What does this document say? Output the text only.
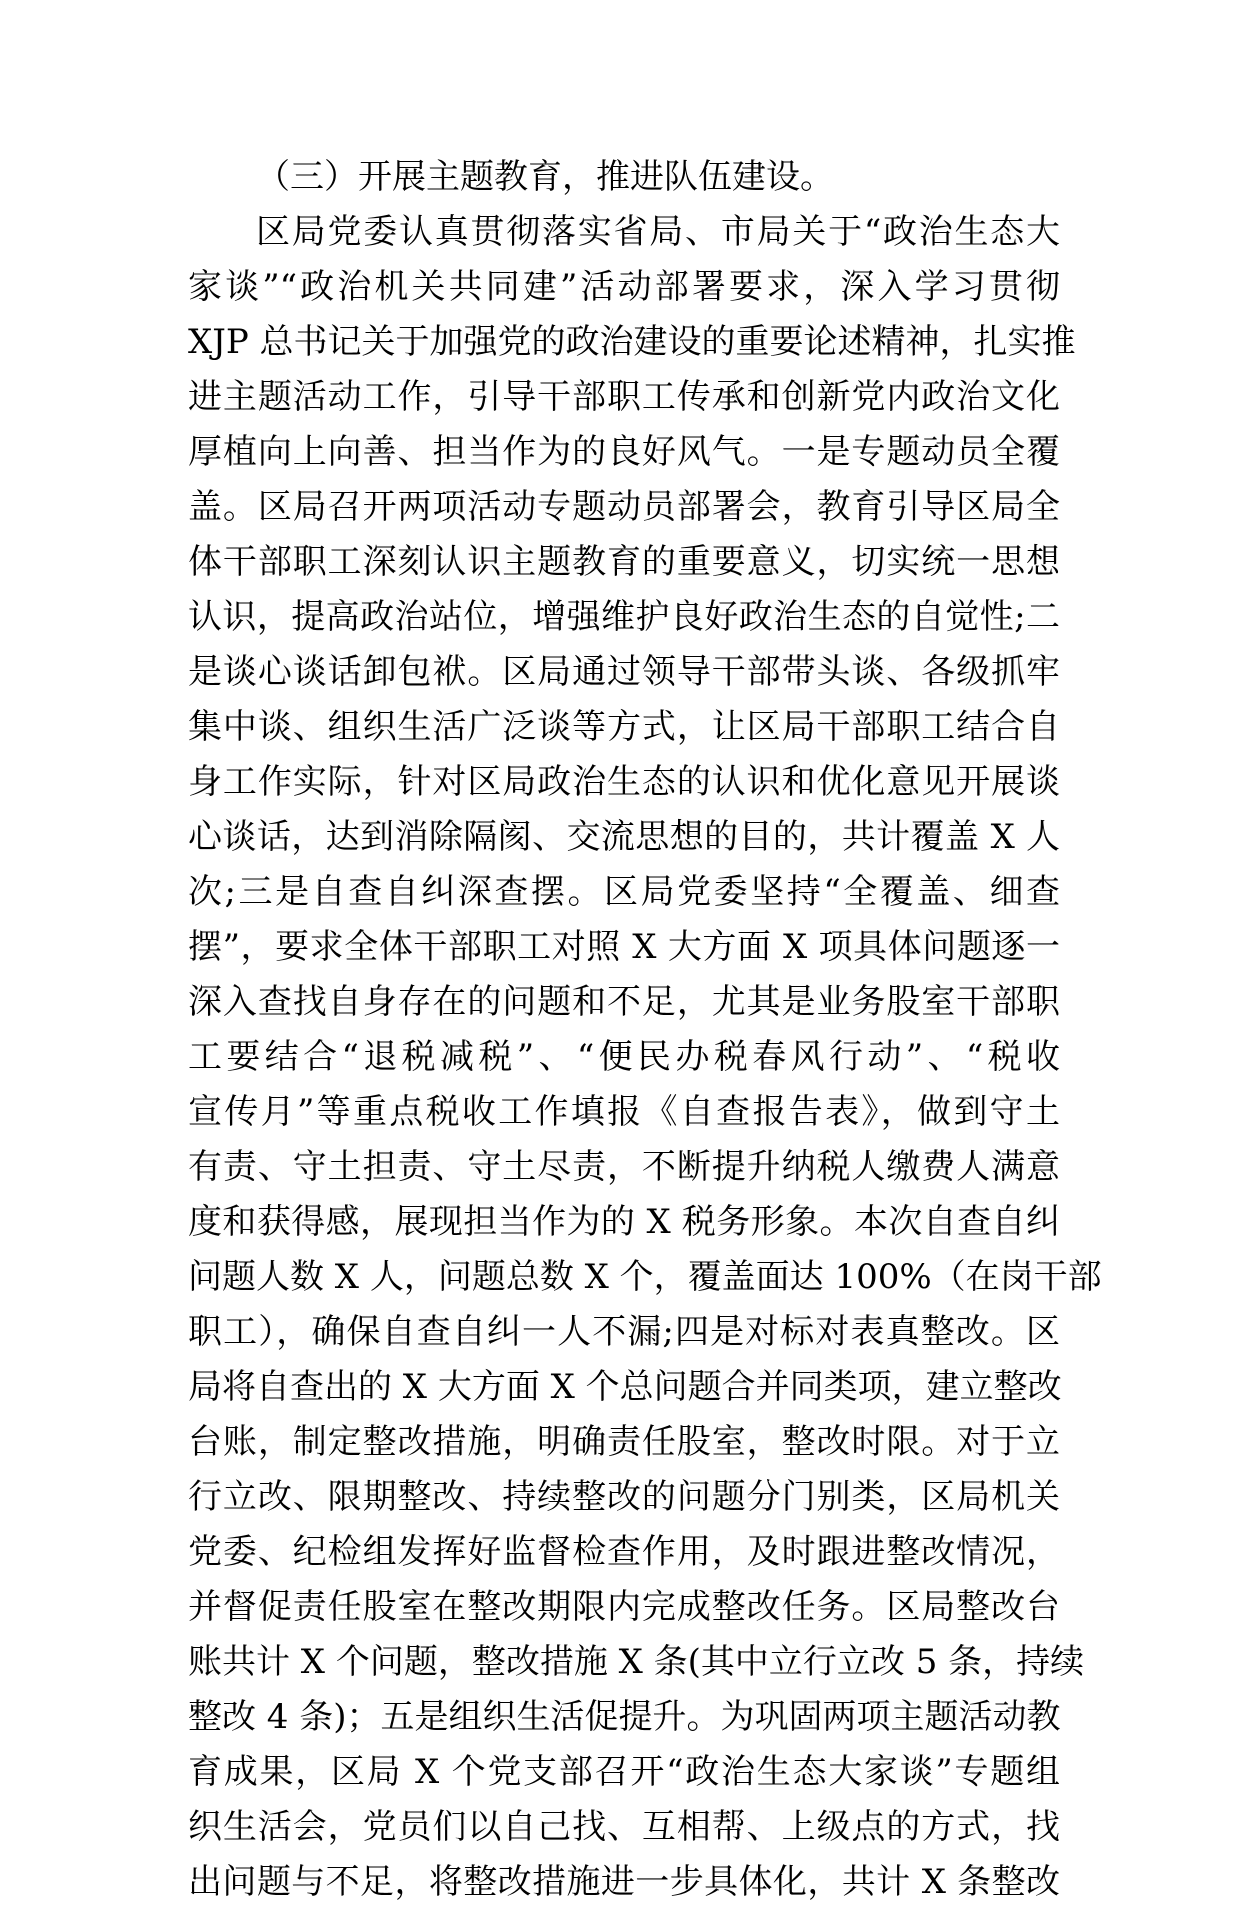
（三）开展主题教育，推进队伍建设。
区局党委认真贯彻落实省局、市局关于“政治生态大
家谈”“政治机关共同建”活动部署要求，深入学习贯彻
XJP 总书记关于加强党的政治建设的重要论述精神，扎实推
进主题活动工作，引导干部职工传承和创新党内政治文化
厚植向上向善、担当作为的良好风气。一是专题动员全覆
盖。区局召开两项活动专题动员部署会，教育引导区局全
体干部职工深刻认识主题教育的重要意义，切实统一思想
认识，提高政治站位，增强维护良好政治生态的自觉性;二
是谈心谈话卸包袱。区局通过领导干部带头谈、各级抓牢
集中谈、组织生活广泛谈等方式，让区局干部职工结合自
身工作实际，针对区局政治生态的认识和优化意见开展谈
心谈话，达到消除隔阂、交流思想的目的，共计覆盖 X 人
次;三是自查自纠深查摆。区局党委坚持“全覆盖、细查
摆”，要求全体干部职工对照 X 大方面 X 项具体问题逐一
深入查找自身存在的问题和不足，尤其是业务股室干部职
工要结合“退税减税”、“便民办税春风行动”、“税收
宣传月”等重点税收工作填报《自查报告表》，做到守土
有责、守土担责、守土尽责，不断提升纳税人缴费人满意
度和获得感，展现担当作为的 X 税务形象。本次自查自纠
问题人数 X 人，问题总数 X 个，覆盖面达 100%（在岗干部
职工），确保自查自纠一人不漏;四是对标对表真整改。区
局将自查出的 X 大方面 X 个总问题合并同类项，建立整改
台账，制定整改措施，明确责任股室，整改时限。对于立
行立改、限期整改、持续整改的问题分门别类，区局机关
党委、纪检组发挥好监督检查作用，及时跟进整改情况，
并督促责任股室在整改期限内完成整改任务。区局整改台
账共计 X 个问题，整改措施 X 条(其中立行立改 5 条，持续
整改 4 条)；五是组织生活促提升。为巩固两项主题活动教
育成果，区局 X 个党支部召开“政治生态大家谈”专题组
织生活会，党员们以自己找、互相帮、上级点的方式，找
出问题与不足，将整改措施进一步具体化，共计 X 条整改
